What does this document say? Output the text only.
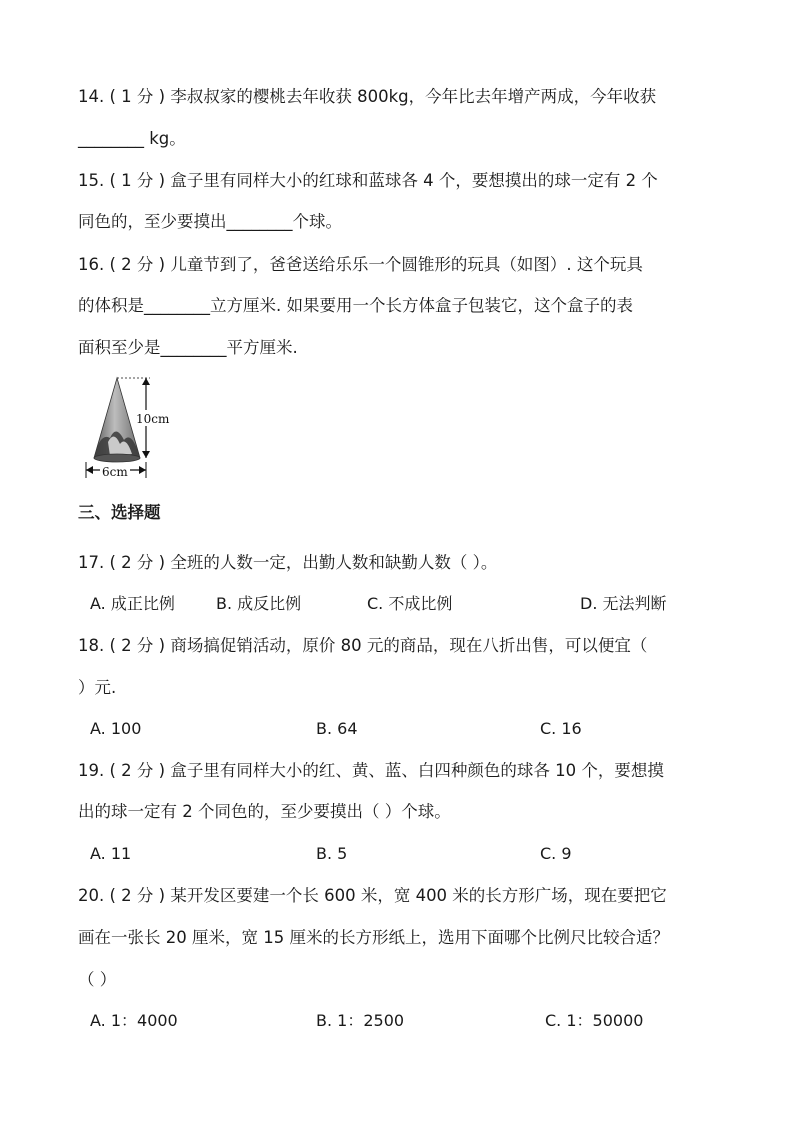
14. ( 1 分 ) 李叔叔家的樱桃去年收获 800kg，今年比去年增产两成，今年收获
________ kg。
15. ( 1 分 ) 盒子里有同样大小的红球和蓝球各 4 个，要想摸出的球一定有 2 个
同色的，至少要摸出________个球。
16. ( 2 分 ) 儿童节到了，爸爸送给乐乐一个圆锥形的玩具（如图）. 这个玩具
的体积是________立方厘米. 如果要用一个长方体盒子包装它，这个盒子的表
面积至少是________平方厘米.
10cm
6cm
三、选择题
17. ( 2 分 ) 全班的人数一定，出勤人数和缺勤人数（ ）。
A. 成正比例	B. 成反比例	C. 不成比例	D. 无法判断
18. ( 2 分 ) 商场搞促销活动，原价 80 元的商品，现在八折出售，可以便宜（
）元.
A. 100	B. 64	C. 16
19. ( 2 分 ) 盒子里有同样大小的红、黄、蓝、白四种颜色的球各 10 个，要想摸
出的球一定有 2 个同色的，至少要摸出（ ）个球。
A. 11	B. 5	C. 9
20. ( 2 分 ) 某开发区要建一个长 600 米，宽 400 米的长方形广场，现在要把它
画在一张长 20 厘米，宽 15 厘米的长方形纸上，选用下面哪个比例尺比较合适？
（ ）
A. 1：4000	B. 1：2500	C. 1：50000
